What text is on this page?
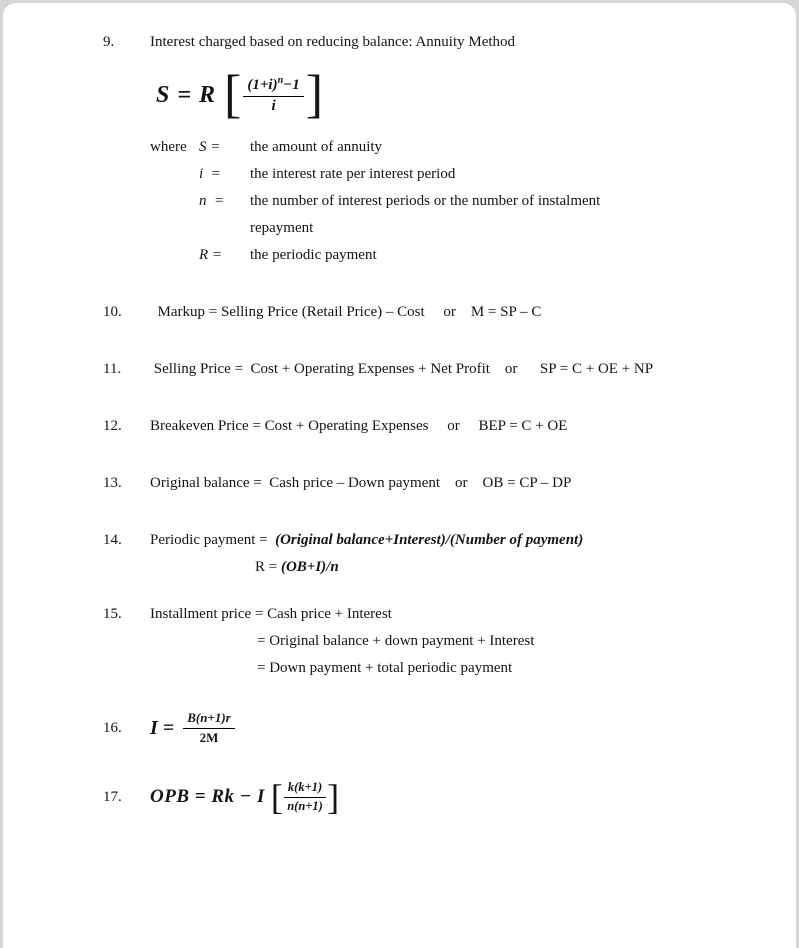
9.	Interest charged based on reducing balance: Annuity Method
S = R [ $\frac{(1+i)^n-1}{i}$ ]
where S =	the amount of annuity
i  =	the interest rate per interest period
n  =	the number of interest periods or the number of instalment
repayment
R =	the periodic payment
10.	Markup = Selling Price (Retail Price) – Cost     or    M = SP – C
11.	Selling Price =  Cost + Operating Expenses + Net Profit    or      SP = C + OE + NP
12.	Breakeven Price = Cost + Operating Expenses     or     BEP = C + OE
13.	Original balance =  Cash price – Down payment    or    OB = CP – DP
14.	Periodic payment =  (Original balance+Interest)/(Number of payment)
R = (OB+I)/n
15.	Installment price = Cash price + Interest
= Original balance + down payment + Interest
= Down payment + total periodic payment
16.	$I = \frac{B(n+1)r}{2M}$
17.	OPB = Rk − I [ $\frac{k(k+1)}{n(n+1)}$ ]
